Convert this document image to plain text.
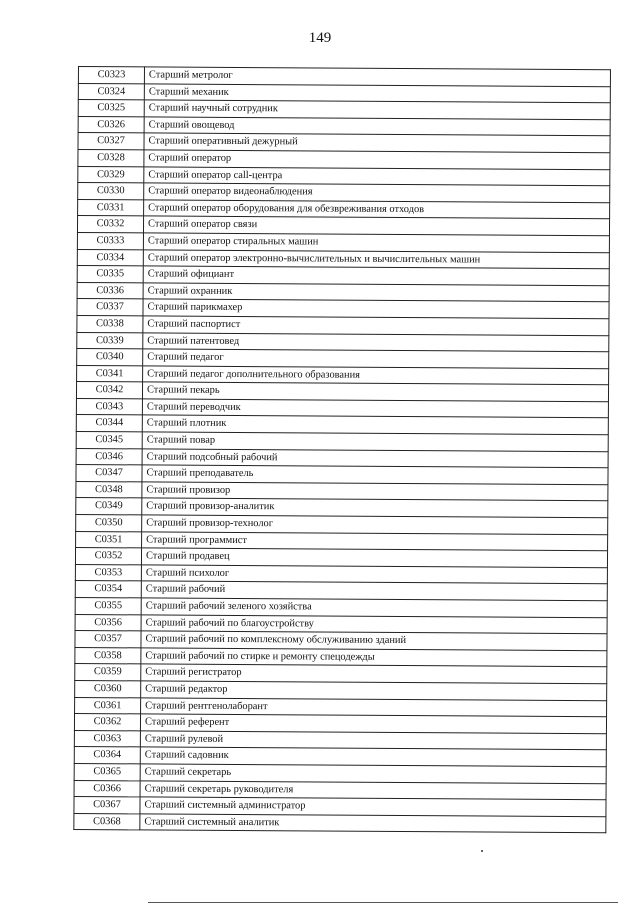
149
С0323	Старший метролог
С0324	Старший механик
С0325	Старший научный сотрудник
С0326	Старший овощевод
С0327	Старший оперативный дежурный
С0328	Старший оператор
С0329	Старший оператор call-центра
С0330	Старший оператор видеонаблюдения
С0331	Старший оператор оборудования для обезвреживания отходов
С0332	Старший оператор связи
С0333	Старший оператор стиральных машин
С0334	Старший оператор электронно-вычислительных и вычислительных машин
С0335	Старший официант
С0336	Старший охранник
С0337	Старший парикмахер
С0338	Старший паспортист
С0339	Старший патентовед
С0340	Старший педагог
С0341	Старший педагог дополнительного образования
С0342	Старший пекарь
С0343	Старший переводчик
С0344	Старший плотник
С0345	Старший повар
С0346	Старший подсобный рабочий
С0347	Старший преподаватель
С0348	Старший провизор
С0349	Старший провизор-аналитик
С0350	Старший провизор-технолог
С0351	Старший программист
С0352	Старший продавец
С0353	Старший психолог
С0354	Старший рабочий
С0355	Старший рабочий зеленого хозяйства
С0356	Старший рабочий по благоустройству
С0357	Старший рабочий по комплексному обслуживанию зданий
С0358	Старший рабочий по стирке и ремонту спецодежды
С0359	Старший регистратор
С0360	Старший редактор
С0361	Старший рентгенолаборант
С0362	Старший референт
С0363	Старший рулевой
С0364	Старший садовник
С0365	Старший секретарь
С0366	Старший секретарь руководителя
С0367	Старший системный администратор
С0368	Старший системный аналитик
